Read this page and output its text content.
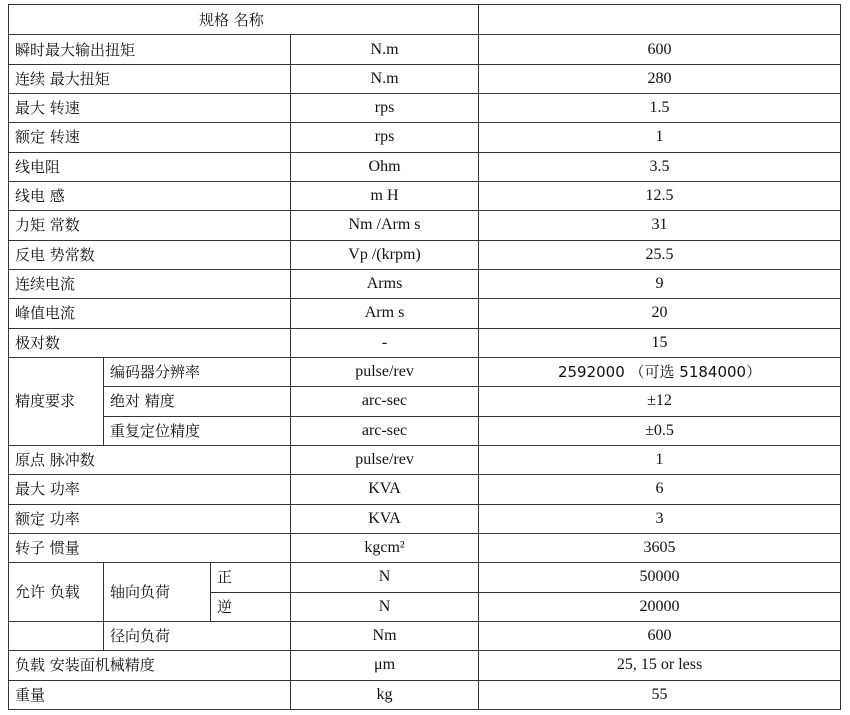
规格 名称				
瞬时最大输出扭矩			N.m	600
连续 最大扭矩			N.m	280
最大 转速			rps	1.5
额定 转速			rps	1
线电阻			Ohm	3.5
线电 感			m H	12.5
力矩 常数			Nm /Arm s	31
反电 势常数			Vp /(krpm)	25.5
连续电流			Arms	9
峰值电流			Arm s	20
极对数			-	15
精度要求	编码器分辨率		pulse/rev	2592000 （可选 5184000）
	绝对 精度		arc-sec	±12
	重复定位精度		arc-sec	±0.5
原点 脉冲数			pulse/rev	1
最大 功率			KVA	6
额定 功率			KVA	3
转子 惯量			kgcm²	3605
允许 负载	轴向负荷	正	N	50000
		逆	N	20000
	径向负荷		Nm	600
负载 安装面机械精度			μm	25, 15 or less
重量			kg	55
